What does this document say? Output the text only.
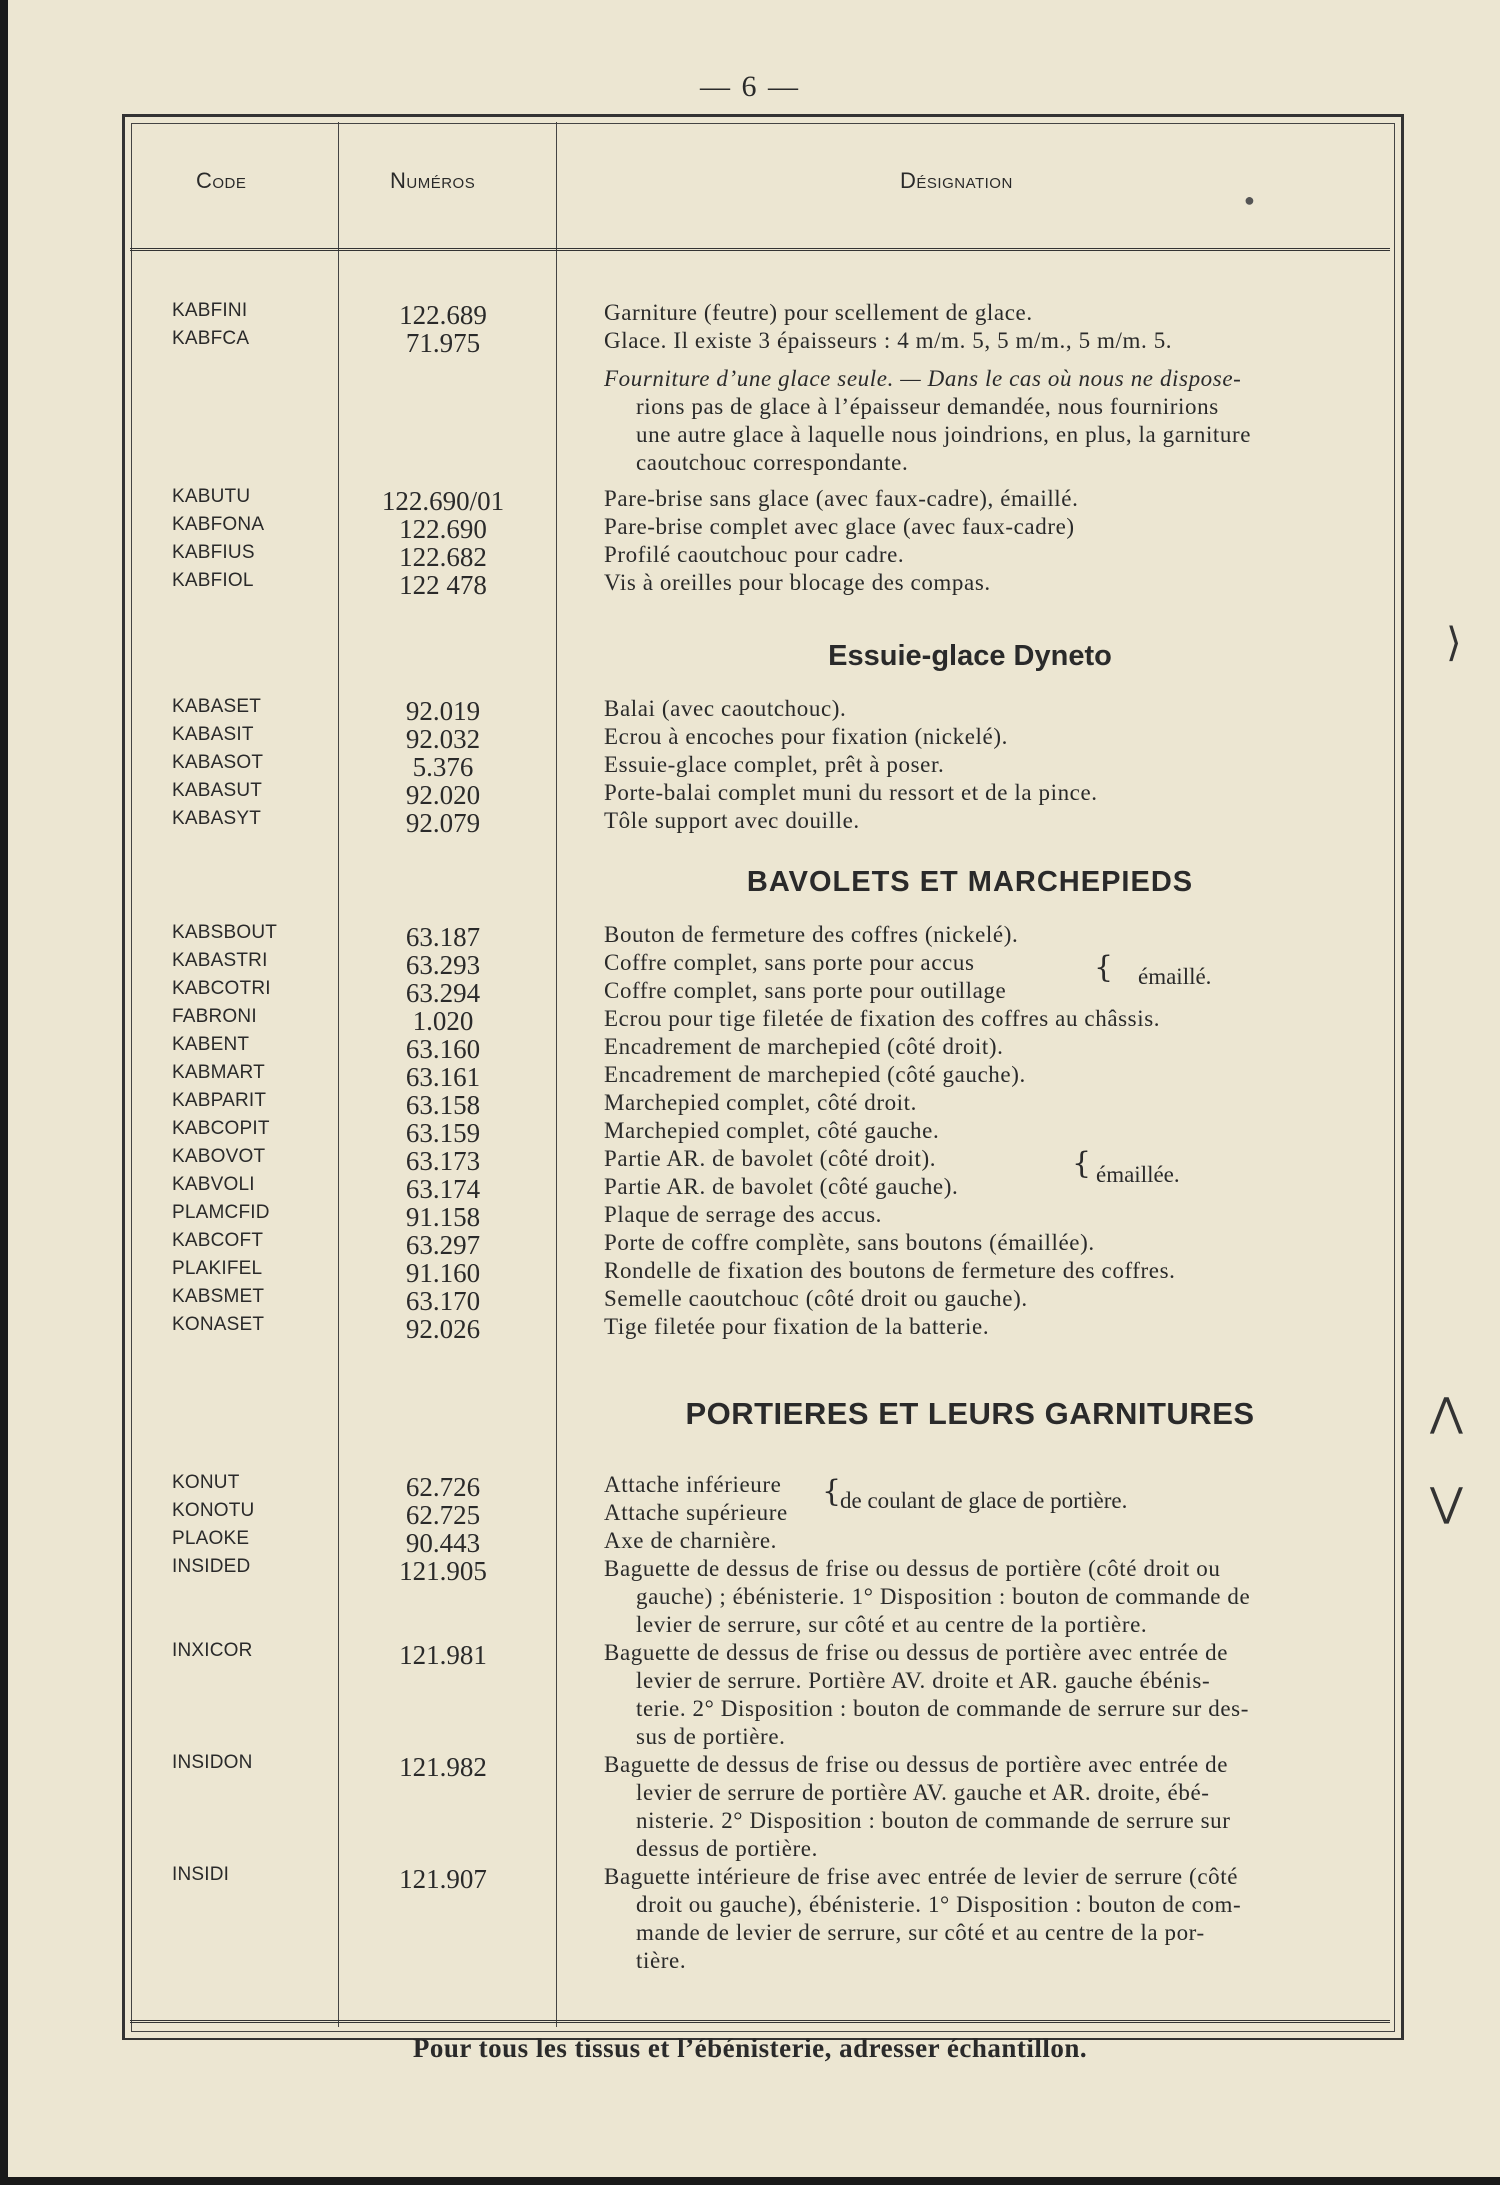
— 6 —
Code	Numéros	Désignation
●
KABFINI	122.689	Garniture (feutre) pour scellement de glace.
KABFCA	71.975	Glace. Il existe 3 épaisseurs : 4 m/m. 5, 5 m/m., 5 m/m. 5.
Fourniture d’une glace seule. — Dans le cas où nous ne dispose-
rions pas de glace à l’épaisseur demandée, nous fournirions
une autre glace à laquelle nous joindrions, en plus, la garniture
caoutchouc correspondante.
KABUTU	122.690/01	Pare-brise sans glace (avec faux-cadre), émaillé.
KABFONA	122.690	Pare-brise complet avec glace (avec faux-cadre)
KABFIUS	122.682	Profilé caoutchouc pour cadre.
KABFIOL	122 478	Vis à oreilles pour blocage des compas.
Essuie-glace Dyneto
KABASET	92.019	Balai (avec caoutchouc).
KABASIT	92.032	Ecrou à encoches pour fixation (nickelé).
KABASOT	5.376	Essuie-glace complet, prêt à poser.
KABASUT	92.020	Porte-balai complet muni du ressort et de la pince.
KABASYT	92.079	Tôle support avec douille.
BAVOLETS ET MARCHEPIEDS
KABSBOUT	63.187	Bouton de fermeture des coffres (nickelé).
KABASTRI	63.293	Coffre complet, sans porte pour accus
KABCOTRI	63.294	Coffre complet, sans porte pour outillage
{ émaillé.
FABRONI	1.020	Ecrou pour tige filetée de fixation des coffres au châssis.
KABENT	63.160	Encadrement de marchepied (côté droit).
KABMART	63.161	Encadrement de marchepied (côté gauche).
KABPARIT	63.158	Marchepied complet, côté droit.
KABCOPIT	63.159	Marchepied complet, côté gauche.
KABOVOT	63.173	Partie AR. de bavolet (côté droit).
KABVOLI	63.174	Partie AR. de bavolet (côté gauche).
{ émaillée.
PLAMCFID	91.158	Plaque de serrage des accus.
KABCOFT	63.297	Porte de coffre complète, sans boutons (émaillée).
PLAKIFEL	91.160	Rondelle de fixation des boutons de fermeture des coffres.
KABSMET	63.170	Semelle caoutchouc (côté droit ou gauche).
KONASET	92.026	Tige filetée pour fixation de la batterie.
PORTIERES ET LEURS GARNITURES
KONUT	62.726	Attache inférieure
KONOTU	62.725	Attache supérieure
{
de coulant de glace de portière.
PLAOKE	90.443	Axe de charnière.
INSIDED	121.905	Baguette de dessus de frise ou dessus de portière (côté droit ou
gauche) ; ébénisterie. 1° Disposition : bouton de commande de
levier de serrure, sur côté et au centre de la portière.
INXICOR	121.981	Baguette de dessus de frise ou dessus de portière avec entrée de
levier de serrure. Portière AV. droite et AR. gauche ébénis-
terie. 2° Disposition : bouton de commande de serrure sur des-
sus de portière.
INSIDON	121.982	Baguette de dessus de frise ou dessus de portière avec entrée de
levier de serrure de portière AV. gauche et AR. droite, ébé-
nisterie. 2° Disposition : bouton de commande de serrure sur
dessus de portière.
INSIDI	121.907	Baguette intérieure de frise avec entrée de levier de serrure (côté
droit ou gauche), ébénisterie. 1° Disposition : bouton de com-
mande de levier de serrure, sur côté et au centre de la por-
tière.
Pour tous les tissus et l’ébénisterie, adresser échantillon.
⟩
⋀
⋁
